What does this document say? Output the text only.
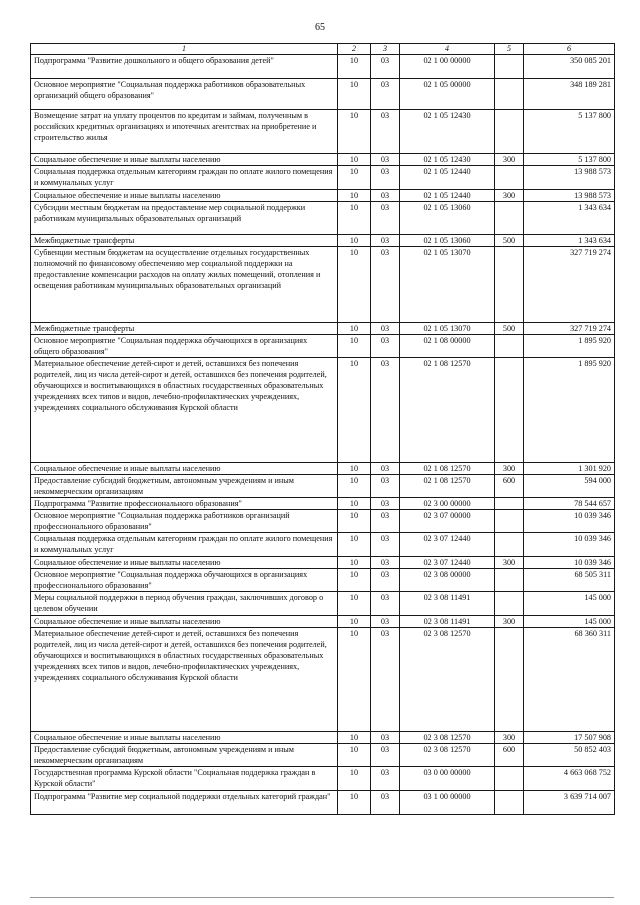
65
1	2	3	4	5	6
Подпрограмма "Развитие дошкольного и общего образования детей"	10	03	02 1 00 00000		350 085 201
Основное мероприятие "Социальная поддержка работников образовательных организаций общего образования"	10	03	02 1 05 00000		348 189 281
Возмещение затрат на уплату процентов по кредитам и займам, полученным в российских кредитных организациях и ипотечных агентствах на приобретение и строительство жилья	10	03	02 1 05 12430		5 137 800
Социальное обеспечение и иные выплаты населению	10	03	02 1 05 12430	300	5 137 800
Социальная поддержка отдельным категориям граждан по оплате жилого помещения и коммунальных услуг	10	03	02 1 05 12440		13 988 573
Социальное обеспечение и иные выплаты населению	10	03	02 1 05 12440	300	13 988 573
Субсидии местным бюджетам на предоставление мер социальной поддержки работникам муниципальных образовательных организаций	10	03	02 1 05 13060		1 343 634
Межбюджетные трансферты	10	03	02 1 05 13060	500	1 343 634
Субвенции местным бюджетам на осуществление отдельных государственных полномочий по финансовому обеспечению мер социальной поддержки на предоставление компенсации расходов на оплату жилых помещений, отопления и освещения работникам муниципальных образовательных организаций	10	03	02 1 05 13070		327 719 274
Межбюджетные трансферты	10	03	02 1 05 13070	500	327 719 274
Основное мероприятие "Социальная поддержка обучающихся в организациях общего образования"	10	03	02 1 08 00000		1 895 920
Материальное обеспечение детей-сирот и детей, оставшихся без попечения родителей, лиц из числа детей-сирот и детей, оставшихся без попечения родителей, обучающихся и воспитывающихся в областных государственных образовательных учреждениях всех типов и видов, лечебно-профилактических учреждениях, учреждениях социального обслуживания Курской области	10	03	02 1 08 12570		1 895 920
Социальное обеспечение и иные выплаты населению	10	03	02 1 08 12570	300	1 301 920
Предоставление субсидий бюджетным, автономным учреждениям и иным некоммерческим организациям	10	03	02 1 08 12570	600	594 000
Подпрограмма "Развитие профессионального образования"	10	03	02 3 00 00000		78 544 657
Основное мероприятие "Социальная поддержка работников организаций профессионального образования"	10	03	02 3 07 00000		10 039 346
Социальная поддержка отдельным категориям граждан по оплате жилого помещения и коммунальных услуг	10	03	02 3 07 12440		10 039 346
Социальное обеспечение и иные выплаты населению	10	03	02 3 07 12440	300	10 039 346
Основное мероприятие "Социальная поддержка обучающихся в организациях профессионального образования"	10	03	02 3 08 00000		68 505 311
Меры социальной поддержки в период обучения граждан, заключивших договор о целевом обучении	10	03	02 3 08 11491		145 000
Социальное обеспечение и иные выплаты населению	10	03	02 3 08 11491	300	145 000
Материальное обеспечение детей-сирот и детей, оставшихся без попечения родителей, лиц из числа детей-сирот и детей, оставшихся без попечения родителей, обучающихся и воспитывающихся в областных государственных образовательных учреждениях всех типов и видов, лечебно-профилактических учреждениях, учреждениях социального обслуживания Курской области	10	03	02 3 08 12570		68 360 311
Социальное обеспечение и иные выплаты населению	10	03	02 3 08 12570	300	17 507 908
Предоставление субсидий бюджетным, автономным учреждениям и иным некоммерческим организациям	10	03	02 3 08 12570	600	50 852 403
Государственная программа Курской области "Социальная поддержка граждан в Курской области"	10	03	03 0 00 00000		4 663 068 752
Подпрограмма "Развитие мер социальной поддержки отдельных категорий граждан"	10	03	03 1 00 00000		3 639 714 007
